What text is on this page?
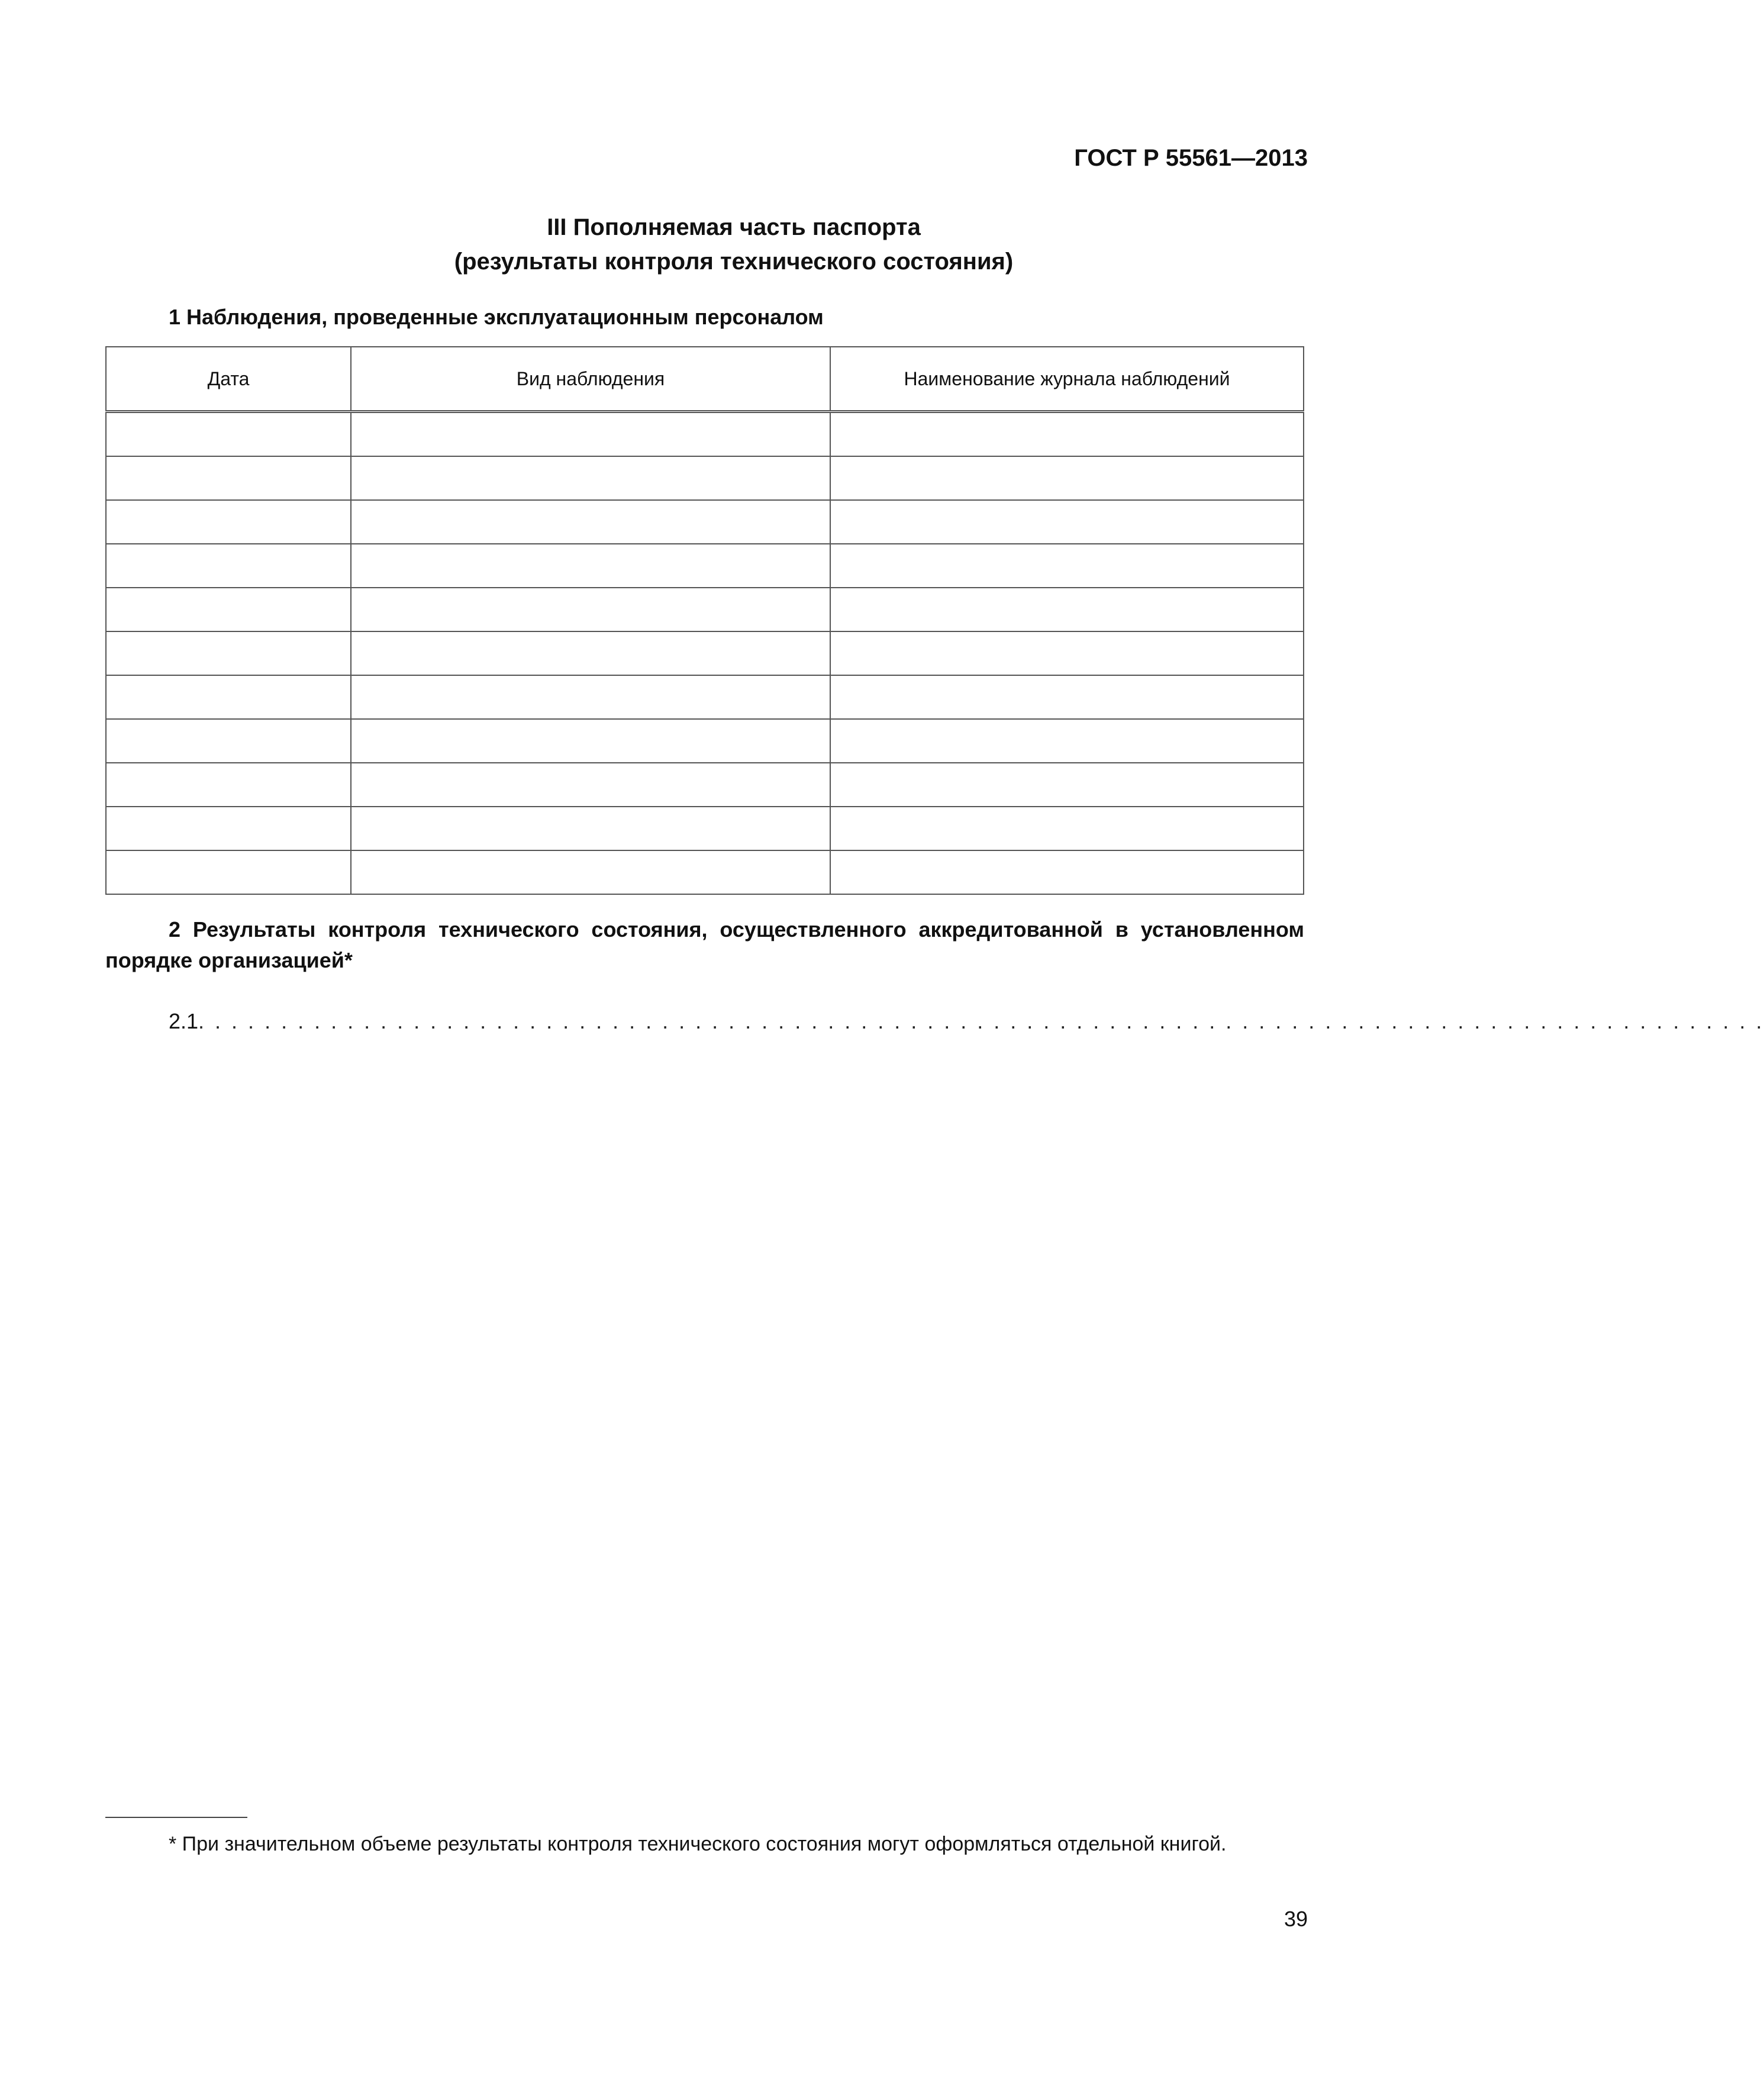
ГОСТ Р 55561—2013
III Пополняемая часть паспорта
(результаты контроля технического состояния)
1 Наблюдения, проведенные эксплуатационным персоналом
Дата	Вид наблюдения	Наименование журнала наблюдений

2 Результаты контроля технического состояния, осуществленного аккредитованной в установленном порядке организацией*
2.1. . . . . . . . . . . . . . . . . . . . . . . . . . . . . . . . . . . . . . . . . . . . . . . . . . . . . . . . . . . . . . . . . . . . . . . . . . . . . . . . . . . . . . . . . . . . . . .
* При значительном объеме результаты контроля технического состояния могут оформляться отдельной книгой.
39
